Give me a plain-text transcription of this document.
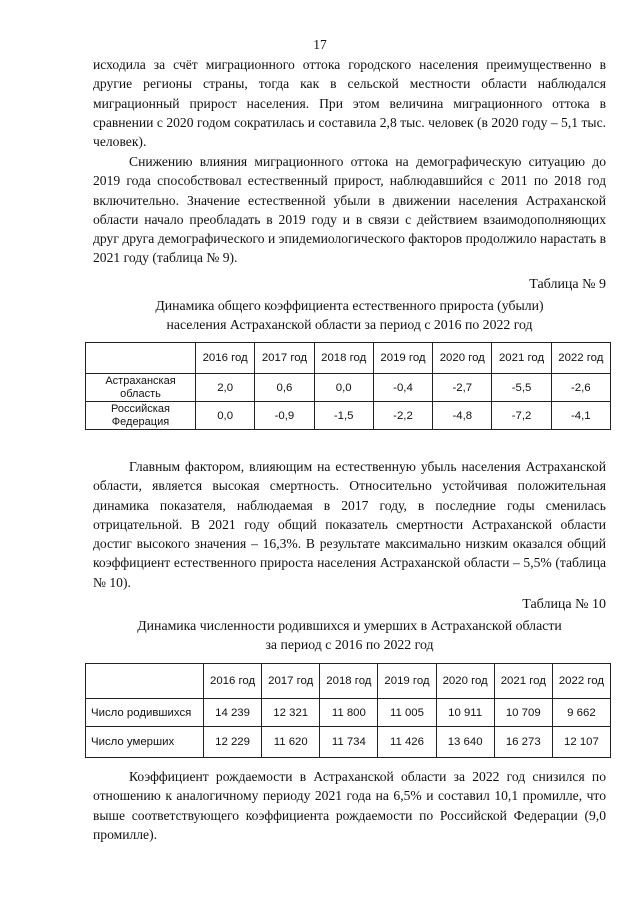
17

исходила за счёт миграционного оттока городского населения преимущественно в другие регионы страны, тогда как в сельской местности области наблюдался миграционный прирост населения. При этом величина миграционного оттока в сравнении с 2020 годом сократилась и составила 2,8 тыс. человек (в 2020 году – 5,1 тыс. человек).

Снижению влияния миграционного оттока на демографическую ситуацию до 2019 года способствовал естественный прирост, наблюдавшийся с 2011 по 2018 год включительно. Значение естественной убыли в движении населения Астраханской области начало преобладать в 2019 году и в связи с действием взаимодополняющих друг друга демографического и эпидемиологического факторов продолжило нарастать в 2021 году (таблица № 9).

Таблица № 9
Динамика общего коэффициента естественного прироста (убыли)
населения Астраханской области за период с 2016 по 2022 год
	2016 год	2017 год	2018 год	2019 год	2020 год	2021 год	2022 год
Астраханская область	2,0	0,6	0,0	-0,4	-2,7	-5,5	-2,6
Российская Федерация	0,0	-0,9	-1,5	-2,2	-4,8	-7,2	-4,1

Главным фактором, влияющим на естественную убыль населения Астраханской области, является высокая смертность. Относительно устойчивая положительная динамика показателя, наблюдаемая в 2017 году, в последние годы сменилась отрицательной. В 2021 году общий показатель смертности Астраханской области достиг высокого значения – 16,3%. В результате максимально низким оказался общий коэффициент естественного прироста населения Астраханской области – 5,5% (таблица № 10).

Таблица № 10
Динамика численности родившихся и умерших в Астраханской области
за период с 2016 по 2022 год
	2016 год	2017 год	2018 год	2019 год	2020 год	2021 год	2022 год
Число родившихся	14 239	12 321	11 800	11 005	10 911	10 709	9 662
Число умерших	12 229	11 620	11 734	11 426	13 640	16 273	12 107

Коэффициент рождаемости в Астраханской области за 2022 год снизился по отношению к аналогичному периоду 2021 года на 6,5% и составил 10,1 промилле, что выше соответствующего коэффициента рождаемости по Российской Федерации (9,0 промилле).
